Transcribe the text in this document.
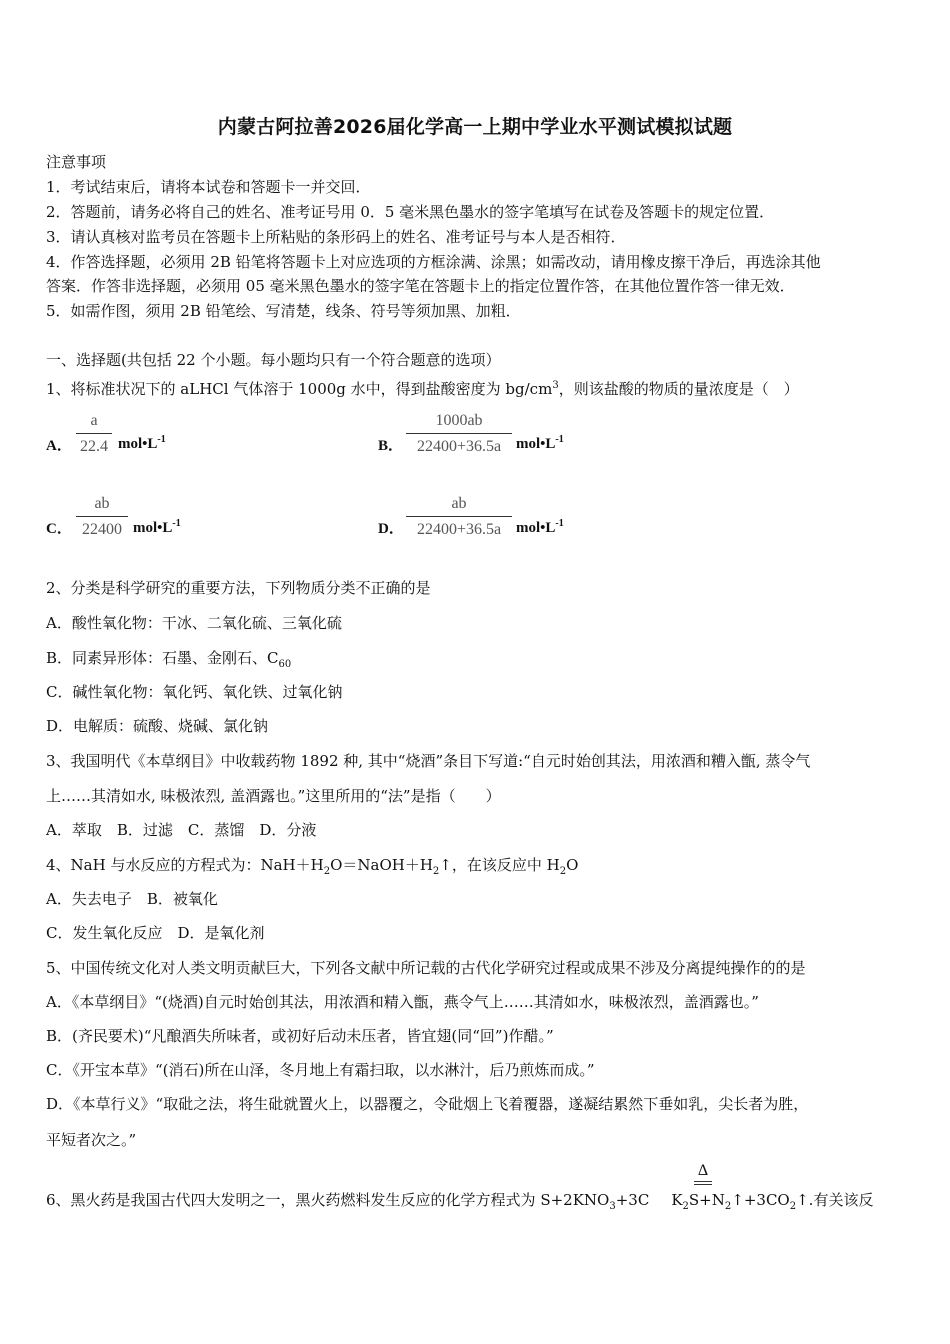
内蒙古阿拉善2026届化学高一上期中学业水平测试模拟试题
注意事项
1．考试结束后，请将本试卷和答题卡一并交回．
2．答题前，请务必将自己的姓名、准考证号用 0．5 毫米黑色墨水的签字笔填写在试卷及答题卡的规定位置．
3．请认真核对监考员在答题卡上所粘贴的条形码上的姓名、准考证号与本人是否相符．
4．作答选择题，必须用 2B 铅笔将答题卡上对应选项的方框涂满、涂黑；如需改动，请用橡皮擦干净后，再选涂其他
答案．作答非选择题，必须用 05 毫米黑色墨水的签字笔在答题卡上的指定位置作答，在其他位置作答一律无效．
5．如需作图，须用 2B 铅笔绘、写清楚，线条、符号等须加黑、加粗．
一、选择题(共包括 22 个小题。每小题均只有一个符合题意的选项）
1、将标准状况下的 aLHCl 气体溶于 1000g 水中，得到盐酸密度为 $bg/cm^3$，则该盐酸的物质的量浓度是（　）
A．
a
22.4 $mol•L^{-1}$	B．
1000ab
22400+36.5a $mol•L^{-1}$
C．
ab
22400 $mol•L^{-1}$	D．
ab
22400+36.5a $mol•L^{-1}$
2、分类是科学研究的重要方法，下列物质分类不正确的是
A．酸性氧化物：干冰、二氧化硫、三氧化硫
B．同素异形体：石墨、金刚石、$C_{60}$
C．碱性氧化物：氧化钙、氧化铁、过氧化钠
D．电解质：硫酸、烧碱、氯化钠
3、我国明代《本草纲目》中收载药物 1892 种, 其中“烧酒”条目下写道:“自元时始创其法，用浓酒和糟入甑, 蒸令气
上……其清如水, 味极浓烈, 盖酒露也。”这里所用的“法”是指（　　）
A．萃取　B．过滤　C．蒸馏　D．分液
4、NaH 与水反应的方程式为：$NaH+H_2O=NaOH+H_2↑$，在该反应中 $H_2O$
A．失去电子　B．被氧化
C．发生氧化反应　D．是氧化剂
5、中国传统文化对人类文明贡献巨大，下列各文献中所记载的古代化学研究过程或成果不涉及分离提纯操作的的是
A．《本草纲目》“(烧酒)自元时始创其法，用浓酒和精入甑，燕令气上……其清如水，味极浓烈，盖酒露也。”
B．(齐民要术)“凡酿酒失所味者，或初好后动未压者，皆宜翅(同“回”)作醋。”
C．《开宝本草》“(消石)所在山泽，冬月地上有霜扫取，以水淋汁，后乃煎炼而成。”
D．《本草行义》“取砒之法，将生砒就置火上，以器覆之，令砒烟上飞着覆器，遂凝结累然下垂如乳，尖长者为胜，
平短者次之。”
Δ
6、黑火药是我国古代四大发明之一，黑火药燃料发生反应的化学方程式为 $S+2KNO_3+3C$ $K_2S+N_2↑+3CO_2↑$.有关该反
